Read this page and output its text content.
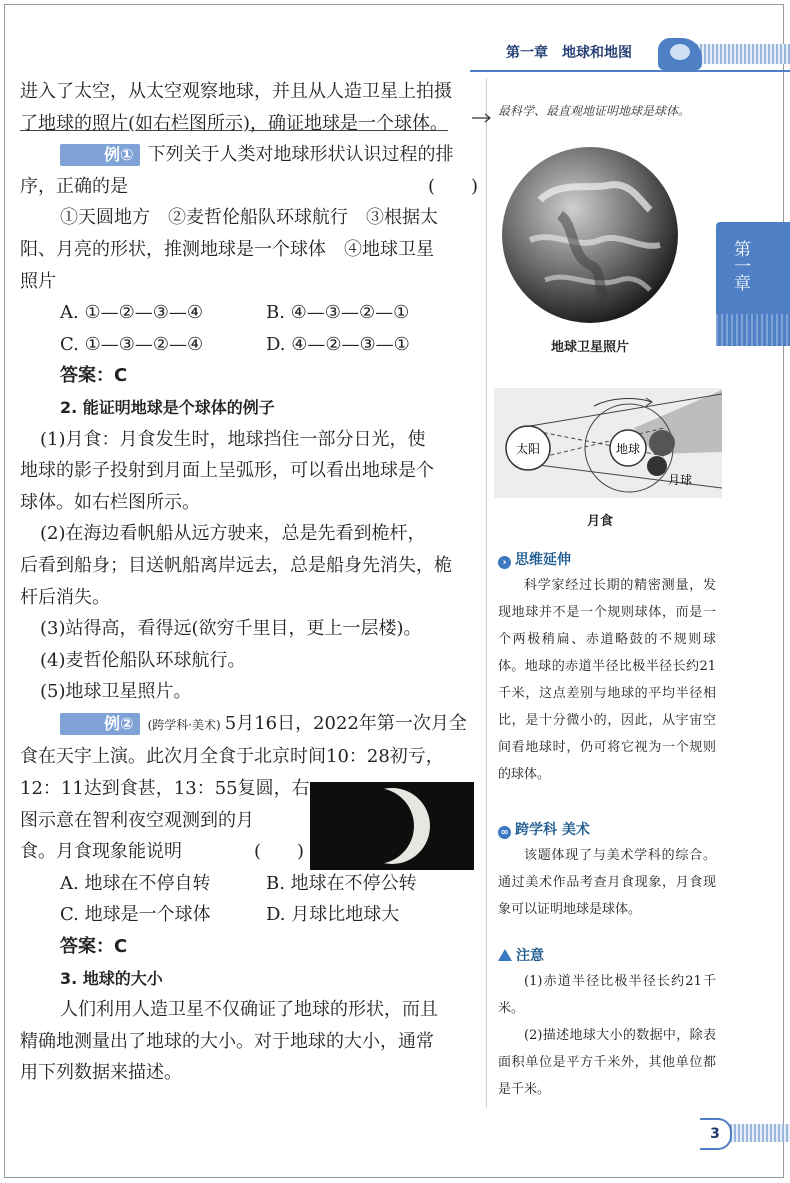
第一章　地球和地图
第一章

进入了太空，从太空观察地球，并且从人造卫星上拍摄

了地球的照片(如右栏图所示)，确证地球是一个球体。

例① 下列关于人类对地球形状认识过程的排

序，正确的是	(　　)

①天圆地方　②麦哲伦船队环球航行　③根据太

阳、月亮的形状，推测地球是一个球体　④地球卫星

照片

A. ①—②—③—④	B. ④—③—②—①

C. ①—③—②—④	D. ④—②—③—①

答案：C

2. 能证明地球是个球体的例子

(1)月食：月食发生时，地球挡住一部分日光，使

地球的影子投射到月面上呈弧形，可以看出地球是个

球体。如右栏图所示。

(2)在海边看帆船从远方驶来，总是先看到桅杆，

后看到船身；目送帆船离岸远去，总是船身先消失，桅

杆后消失。

(3)站得高，看得远(欲穷千里目，更上一层楼)。

(4)麦哲伦船队环球航行。

(5)地球卫星照片。

例② (跨学科·美术) 5月16日，2022年第一次月全

食在天宇上演。此次月全食于北京时间10：28初亏，

12：11达到食甚，13：55复圆，右

图示意在智利夜空观测到的月

食。月食现象能说明	(　　)

A. 地球在不停自转	B. 地球在不停公转

C. 地球是一个球体	D. 月球比地球大

答案：C

3. 地球的大小

人们利用人造卫星不仅确证了地球的形状，而且

精确地测量出了地球的大小。对于地球的大小，通常

用下列数据来描述。

最科学、最直观地证明地球是球体。
地球卫星照片
太阳	地球
月球
月食

› 思维延伸

科学家经过长期的精密测量，发现地球并不是一个规则球体，而是一个两极稍扁、赤道略鼓的不规则球体。地球的赤道半径比极半径长约21千米，这点差别与地球的平均半径相比，是十分微小的，因此，从宇宙空间看地球时，仍可将它视为一个规则的球体。

∞ 跨学科 美术

该题体现了与美术学科的综合。通过美术作品考查月食现象，月食现象可以证明地球是球体。

注意

(1)赤道半径比极半径长约21千米。

(2)描述地球大小的数据中，除表面积单位是平方千米外，其他单位都是千米。

3
